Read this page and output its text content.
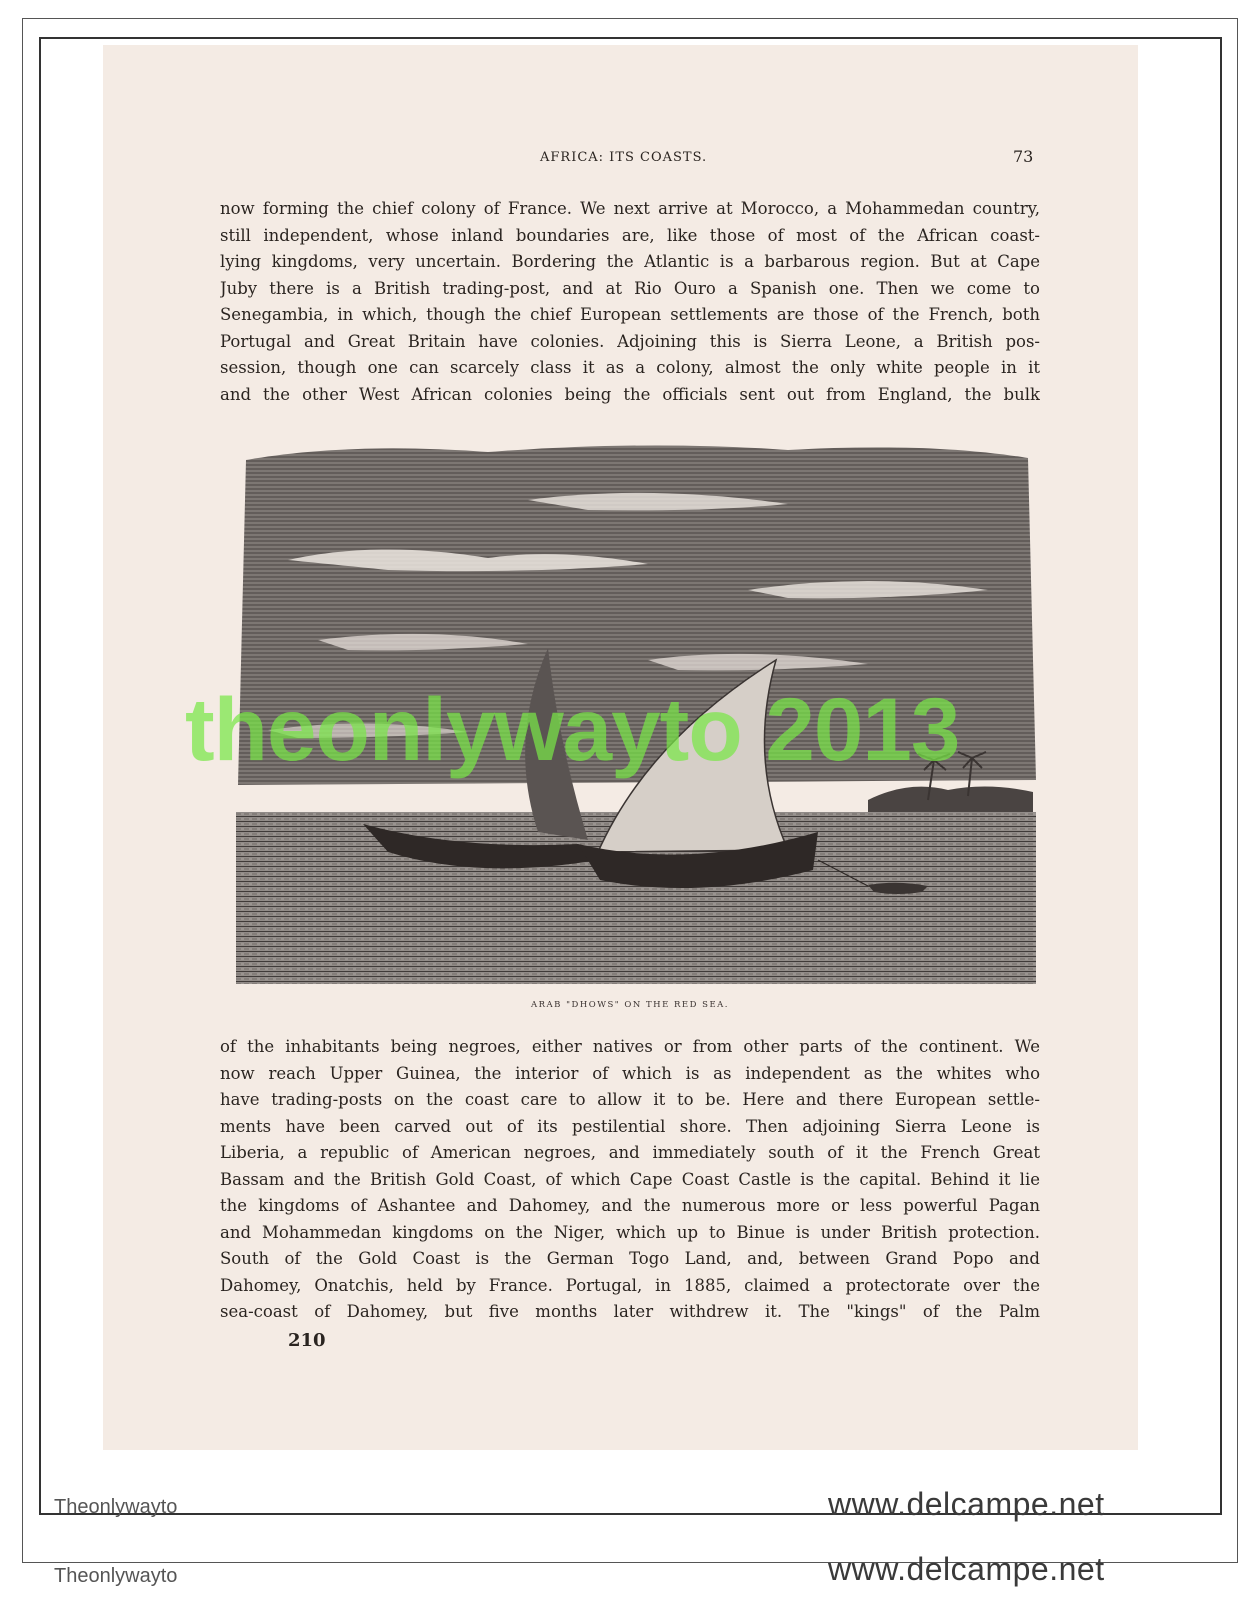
AFRICA: ITS COASTS.	73
now forming the chief colony of France. We next arrive at Morocco, a Mohammedan country,
still independent, whose inland boundaries are, like those of most of the African coast-
lying kingdoms, very uncertain. Bordering the Atlantic is a barbarous region. But at Cape
Juby there is a British trading-post, and at Rio Ouro a Spanish one. Then we come to
Senegambia, in which, though the chief European settlements are those of the French, both
Portugal and Great Britain have colonies. Adjoining this is Sierra Leone, a British pos-
session, though one can scarcely class it as a colony, almost the only white people in it
and the other West African colonies being the officials sent out from England, the bulk
ARAB "DHOWS" ON THE RED SEA.
of the inhabitants being negroes, either natives or from other parts of the continent. We
now reach Upper Guinea, the interior of which is as independent as the whites who
have trading-posts on the coast care to allow it to be. Here and there European settle-
ments have been carved out of its pestilential shore. Then adjoining Sierra Leone is
Liberia, a republic of American negroes, and immediately south of it the French Great
Bassam and the British Gold Coast, of which Cape Coast Castle is the capital. Behind it lie
the kingdoms of Ashantee and Dahomey, and the numerous more or less powerful Pagan
and Mohammedan kingdoms on the Niger, which up to Binue is under British protection.
South of the Gold Coast is the German Togo Land, and, between Grand Popo and
Dahomey, Onatchis, held by France. Portugal, in 1885, claimed a protectorate over the
sea-coast of Dahomey, but five months later withdrew it. The "kings" of the Palm
210
theonlywayto 2013
Theonlywayto	www.delcampe.net
Theonlywayto	www.delcampe.net
